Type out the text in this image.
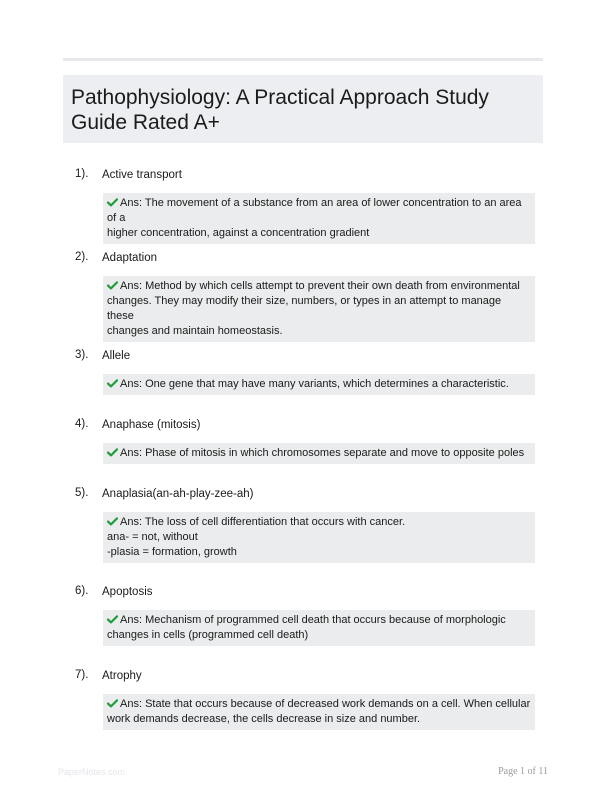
Pathophysiology: A Practical Approach Study Guide Rated A+
1). Active transport
Ans: The movement of a substance from an area of lower concentration to an area of a
higher concentration, against a concentration gradient
2). Adaptation
Ans: Method by which cells attempt to prevent their own death from environmental
changes. They may modify their size, numbers, or types in an attempt to manage these
changes and maintain homeostasis.
3). Allele
Ans: One gene that may have many variants, which determines a characteristic.
4). Anaphase (mitosis)
Ans: Phase of mitosis in which chromosomes separate and move to opposite poles
5). Anaplasia(an-ah-play-zee-ah)
Ans: The loss of cell differentiation that occurs with cancer.
ana- = not, without
-plasia = formation, growth
6). Apoptosis
Ans: Mechanism of programmed cell death that occurs because of morphologic
changes in cells (programmed cell death)
7). Atrophy
Ans: State that occurs because of decreased work demands on a cell. When cellular
work demands decrease, the cells decrease in size and number.
PaperNotes.com	Page 1 of 11
